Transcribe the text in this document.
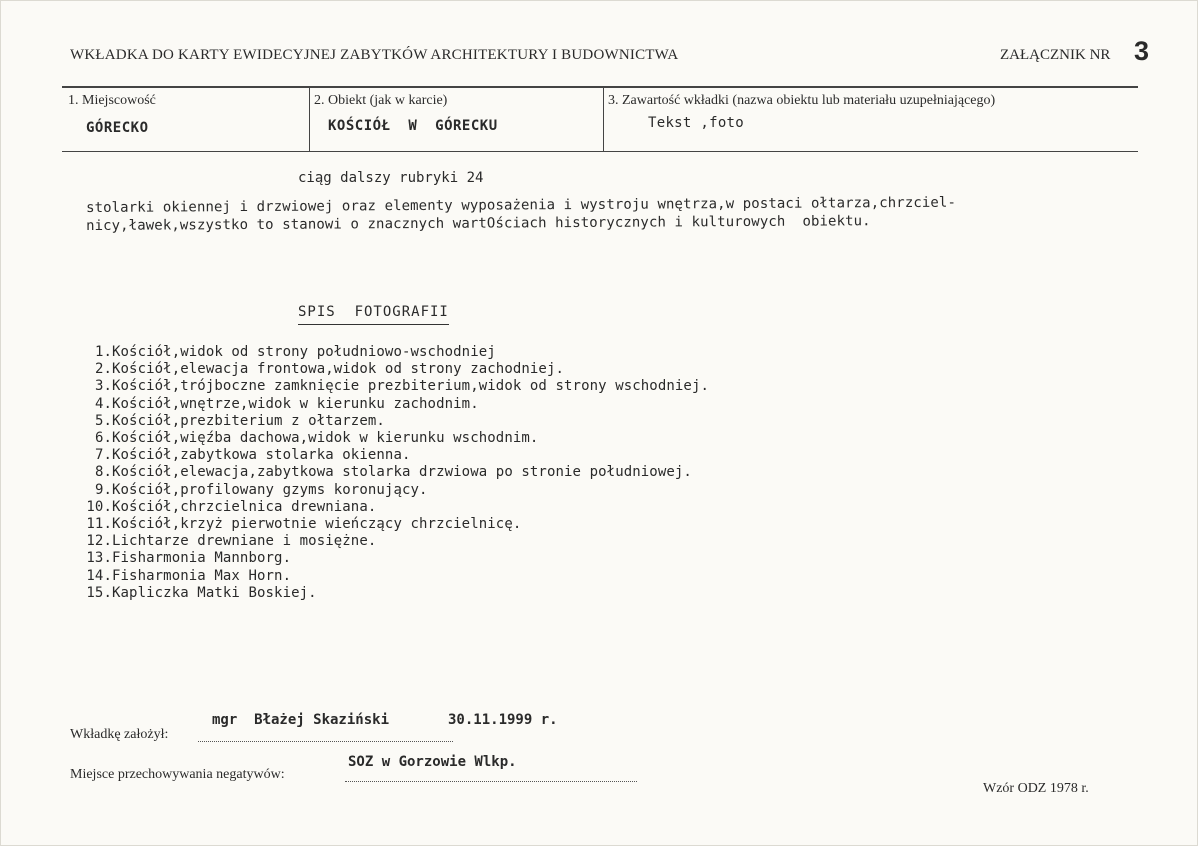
WKŁADKA DO KARTY EWIDECYJNEJ ZABYTKÓW ARCHITEKTURY I BUDOWNICTWA	ZAŁĄCZNIK NR 3
1. Miejscowość
GÓRECKO
2. Obiekt (jak w karcie)
KOŚCIÓŁ  W  GÓRECKU
3. Zawartość wkładki (nazwa obiektu lub materiału uzupełniającego)
Tekst ,foto
ciąg dalszy rubryki 24
stolarki okiennej i drzwiowej oraz elementy wyposażenia i wystroju wnętrza,w postaci ołtarza,chrzciel-
nicy,ławek,wszystko to stanowi o znacznych wartOściach historycznych i kulturowych  obiektu.
SPIS  FOTOGRAFII
1.Kościół,widok od strony południowo-wschodniej
2.Kościół,elewacja frontowa,widok od strony zachodniej.
3.Kościół,trójboczne zamknięcie prezbiterium,widok od strony wschodniej.
4.Kościół,wnętrze,widok w kierunku zachodnim.
5.Kościół,prezbiterium z ołtarzem.
6.Kościół,więźba dachowa,widok w kierunku wschodnim.
7.Kościół,zabytkowa stolarka okienna.
8.Kościół,elewacja,zabytkowa stolarka drzwiowa po stronie południowej.
9.Kościół,profilowany gzyms koronujący.
10.Kościół,chrzcielnica drewniana.
11.Kościół,krzyż pierwotnie wieńczący chrzcielnicę.
12.Lichtarze drewniane i mosiężne.
13.Fisharmonia Mannborg.
14.Fisharmonia Max Horn.
15.Kapliczka Matki Boskiej.
mgr  Błażej Skaziński	30.11.1999 r.
Wkładkę założył:
SOZ w Gorzowie Wlkp.
Miejsce przechowywania negatywów:
Wzór ODZ 1978 r.
